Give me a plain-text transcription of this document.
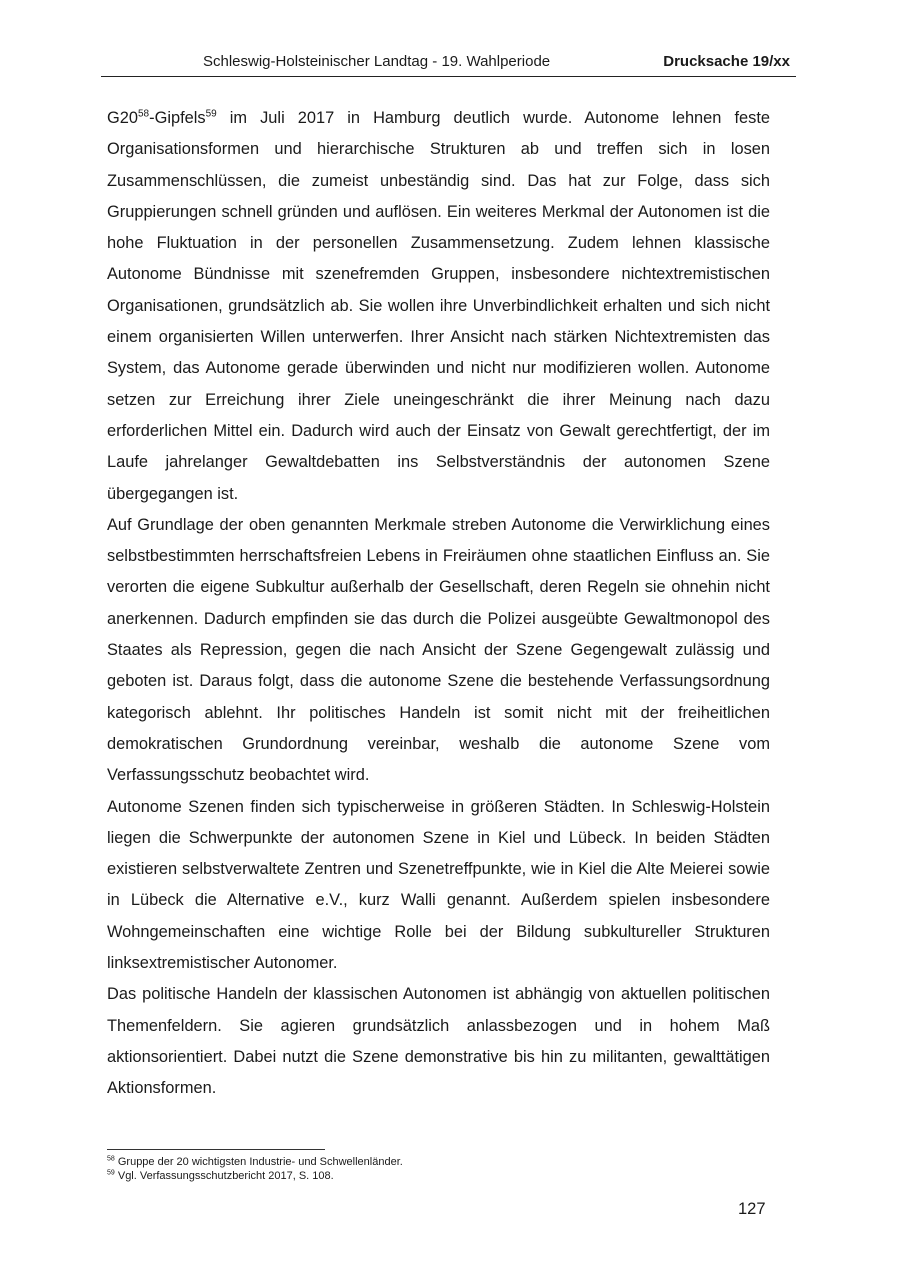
Schleswig-Holsteinischer Landtag - 19. Wahlperiode	Drucksache 19/xx

$G20^{58}-Gipfels^{59}$ im Juli 2017 in Hamburg deutlich wurde. Autonome lehnen feste Organisationsformen und hierarchische Strukturen ab und treffen sich in losen Zusammenschlüssen, die zumeist unbeständig sind. Das hat zur Folge, dass sich Gruppierungen schnell gründen und auflösen. Ein weiteres Merkmal der Autonomen ist die hohe Fluktuation in der personellen Zusammensetzung. Zudem lehnen klassische Autonome Bündnisse mit szenefremden Gruppen, insbesondere nichtextremistischen Organisationen, grundsätzlich ab. Sie wollen ihre Unverbindlichkeit erhalten und sich nicht einem organisierten Willen unterwerfen. Ihrer Ansicht nach stärken Nichtextremisten das System, das Autonome gerade überwinden und nicht nur modifizieren wollen. Autonome setzen zur Erreichung ihrer Ziele uneingeschränkt die ihrer Meinung nach dazu erforderlichen Mittel ein. Dadurch wird auch der Einsatz von Gewalt gerechtfertigt, der im Laufe jahrelanger Gewaltdebatten ins Selbstverständnis der autonomen Szene übergegangen ist.

Auf Grundlage der oben genannten Merkmale streben Autonome die Verwirklichung eines selbstbestimmten herrschaftsfreien Lebens in Freiräumen ohne staatlichen Einfluss an. Sie verorten die eigene Subkultur außerhalb der Gesellschaft, deren Regeln sie ohnehin nicht anerkennen. Dadurch empfinden sie das durch die Polizei ausgeübte Gewaltmonopol des Staates als Repression, gegen die nach Ansicht der Szene Gegengewalt zulässig und geboten ist. Daraus folgt, dass die autonome Szene die bestehende Verfassungsordnung kategorisch ablehnt. Ihr politisches Handeln ist somit nicht mit der freiheitlichen demokratischen Grundordnung vereinbar, weshalb die autonome Szene vom Verfassungsschutz beobachtet wird.

Autonome Szenen finden sich typischerweise in größeren Städten. In Schleswig-Holstein liegen die Schwerpunkte der autonomen Szene in Kiel und Lübeck. In beiden Städten existieren selbstverwaltete Zentren und Szenetreffpunkte, wie in Kiel die Alte Meierei sowie in Lübeck die Alternative e.V., kurz Walli genannt. Außerdem spielen insbesondere Wohngemeinschaften eine wichtige Rolle bei der Bildung subkultureller Strukturen linksextremistischer Autonomer.

Das politische Handeln der klassischen Autonomen ist abhängig von aktuellen politischen Themenfeldern. Sie agieren grundsätzlich anlassbezogen und in hohem Maß aktionsorientiert. Dabei nutzt die Szene demonstrative bis hin zu militanten, gewalttätigen Aktionsformen.

$^{58}$ Gruppe der 20 wichtigsten Industrie- und Schwellenländer.
$^{59}$ Vgl. Verfassungsschutzbericht 2017, S. 108.
127
